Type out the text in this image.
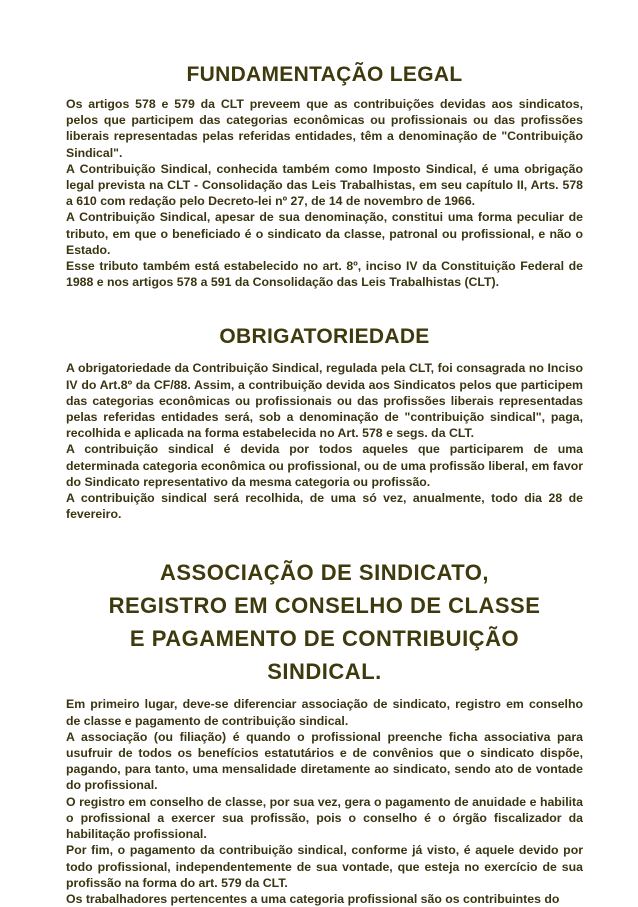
FUNDAMENTAÇÃO LEGAL

Os artigos 578 e 579 da CLT preveem que as contribuições devidas aos sindicatos, pelos que participem das categorias econômicas ou profissionais ou das profissões liberais representadas pelas referidas entidades, têm a denominação de "Contribuição Sindical".

A Contribuição Sindical, conhecida também como Imposto Sindical, é uma obrigação legal prevista na CLT - Consolidação das Leis Trabalhistas, em seu capítulo II, Arts. 578 a 610 com redação pelo Decreto-lei nº 27, de 14 de novembro de 1966.

A Contribuição Sindical, apesar de sua denominação, constitui uma forma peculiar de tributo, em que o beneficiado é o sindicato da classe, patronal ou profissional, e não o Estado.

Esse tributo também está estabelecido no art. 8º, inciso IV da Constituição Federal de 1988 e nos artigos 578 a 591 da Consolidação das Leis Trabalhistas (CLT).

OBRIGATORIEDADE

A obrigatoriedade da Contribuição Sindical, regulada pela CLT, foi consagrada no Inciso IV do Art.8º da CF/88. Assim, a contribuição devida aos Sindicatos pelos que participem das categorias econômicas ou profissionais ou das profissões liberais representadas pelas referidas entidades será, sob a denominação de "contribuição sindical", paga, recolhida e aplicada na forma estabelecida no Art. 578 e segs. da CLT.

A contribuição sindical é devida por todos aqueles que participarem de uma determinada categoria econômica ou profissional, ou de uma profissão liberal, em favor do Sindicato representativo da mesma categoria ou profissão.

A contribuição sindical será recolhida, de uma só vez, anualmente, todo dia 28 de fevereiro.

ASSOCIAÇÃO DE SINDICATO,
REGISTRO EM CONSELHO DE CLASSE
E PAGAMENTO DE CONTRIBUIÇÃO
SINDICAL.

Em primeiro lugar, deve-se diferenciar associação de sindicato, registro em conselho de classe e pagamento de contribuição sindical.

A associação (ou filiação) é quando o profissional preenche ficha associativa para usufruir de todos os benefícios estatutários e de convênios que o sindicato dispõe, pagando, para tanto, uma mensalidade diretamente ao sindicato, sendo ato de vontade do profissional.

O registro em conselho de classe, por sua vez, gera o pagamento de anuidade e habilita o profissional a exercer sua profissão, pois o conselho é o órgão fiscalizador da habilitação profissional.

Por fim, o pagamento da contribuição sindical, conforme já visto, é aquele devido por todo profissional, independentemente de sua vontade, que esteja no exercício de sua profissão na forma do art. 579 da CLT.

Os trabalhadores pertencentes a uma categoria profissional são os contribuintes do
